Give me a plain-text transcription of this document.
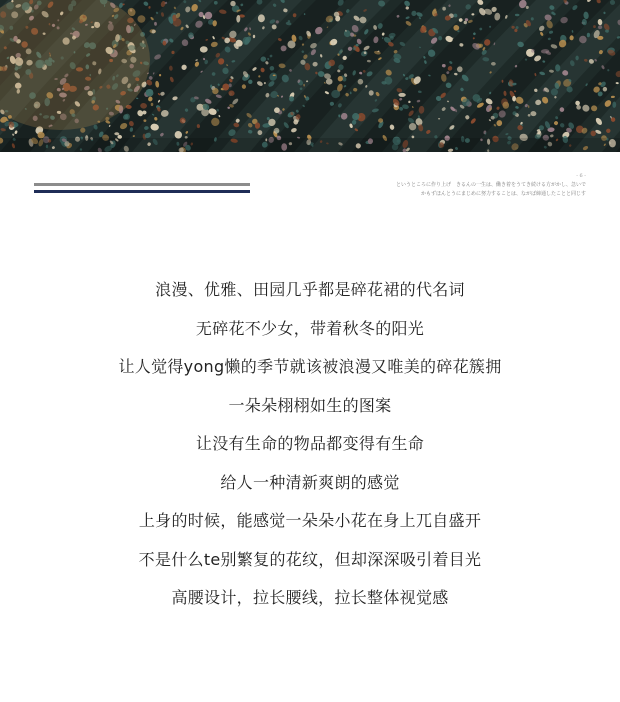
- 6 -
というところに作り上げ　きるんの一生は、働き着をうてき続ける方がかし、急いで
かもずほんとうにまじめに努力することは、ながば締通したことと同じす
浪漫、优雅、田园几乎都是碎花裙的代名词
无碎花不少女，带着秋冬的阳光
让人觉得yong懒的季节就该被浪漫又唯美的碎花簇拥
一朵朵栩栩如生的图案
让没有生命的物品都变得有生命
给人一种清新爽朗的感觉
上身的时候，能感觉一朵朵小花在身上兀自盛开
不是什么te别繁复的花纹，但却深深吸引着目光
高腰设计，拉长腰线，拉长整体视觉感
